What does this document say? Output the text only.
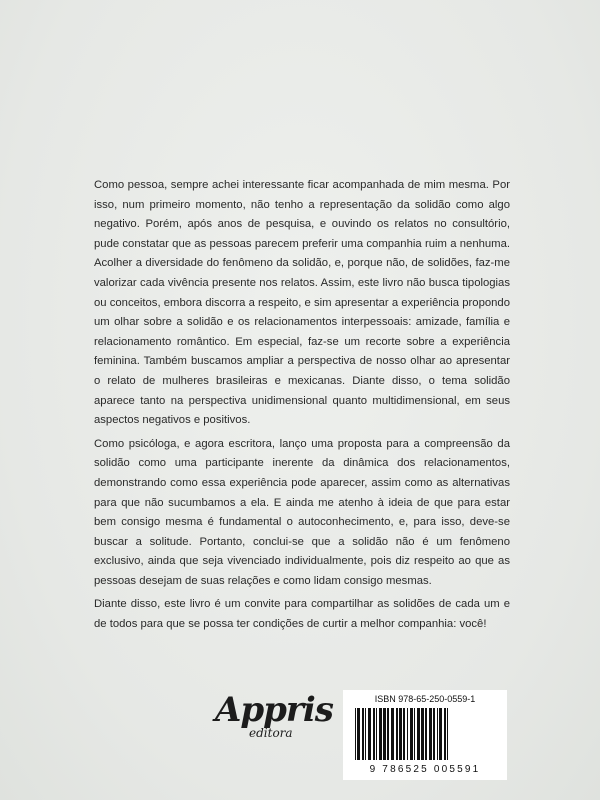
Como pessoa, sempre achei interessante ficar acompanhada de mim mesma. Por isso, num primeiro momento, não tenho a representação da solidão como algo negativo. Porém, após anos de pesquisa, e ouvindo os relatos no consultório, pude constatar que as pessoas parecem preferir uma companhia ruim a nenhuma. Acolher a diversidade do fenômeno da solidão, e, porque não, de solidões, faz-me valorizar cada vivência presente nos relatos. Assim, este livro não busca tipologias ou conceitos, embora discorra a respeito, e sim apresentar a experiência propondo um olhar sobre a solidão e os relacionamentos interpessoais: amizade, família e relacionamento romântico. Em especial, faz-se um recorte sobre a experiência feminina. Também buscamos ampliar a perspectiva de nosso olhar ao apresentar o relato de mulheres brasileiras e mexicanas. Diante disso, o tema solidão aparece tanto na perspectiva unidimensional quanto multidimensional, em seus aspectos negativos e positivos.

Como psicóloga, e agora escritora, lanço uma proposta para a compreensão da solidão como uma participante inerente da dinâmica dos relacionamentos, demonstrando como essa experiência pode aparecer, assim como as alternativas para que não sucumbamos a ela. E ainda me atenho à ideia de que para estar bem consigo mesma é fundamental o autoconhecimento, e, para isso, deve-se buscar a solitude. Portanto, conclui-se que a solidão não é um fenômeno exclusivo, ainda que seja vivenciado individualmente, pois diz respeito ao que as pessoas desejam de suas relações e como lidam consigo mesmas.

Diante disso, este livro é um convite para compartilhar as solidões de cada um e de todos para que se possa ter condições de curtir a melhor companhia: você!

Appris
editora
ISBN 978-65-250-0559-1
9 786525 005591
